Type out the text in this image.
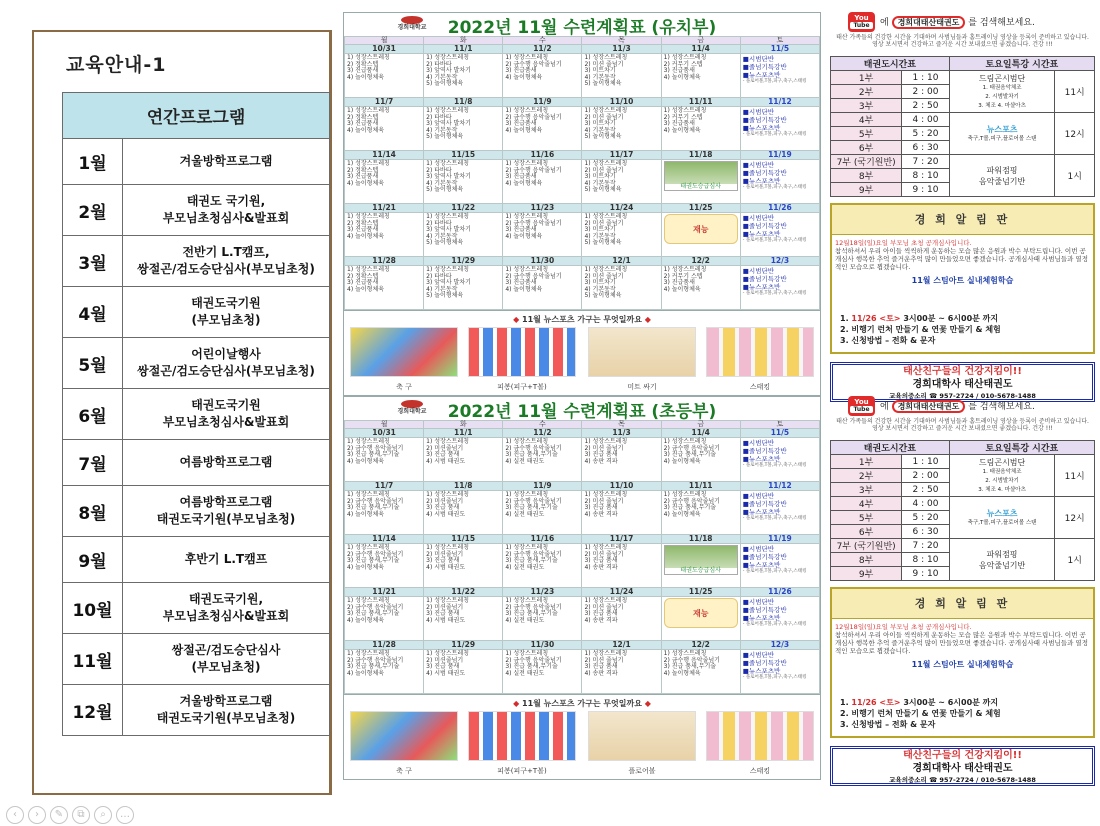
교육안내-1
연간프로그램	
1월	겨울방학프로그램

2월	태권도 국기원,
부모님초청심사&발표회

3월	전반기 L.T캠프,
쌍절곤/검도승단심사(부모님초청)

4월	태권도국기원
(부모님초청)

5월	어린이날행사
쌍절곤/검도승단심사(부모님초청)

6월	태권도국기원
부모님초청심사&발표회

7월	여름방학프로그램

8월	여름방학프로그램
태권도국기원(부모님초청)

9월	후반기 L.T캠프

10월	태권도국기원,
부모님초청심사&발표회

11월	쌍절곤/검도승단심사
(부모님초청)

12월	겨울방학프로그램
태권도국기원(부모님초청)
경희대학교 2022년 11월 수련계획표 (유치부)
월	화	수	목	금	토
10/31	11/1	11/2	11/3	11/4	11/5
1) 성장스트레칭
2) 정확스텝
3) 진급품새
4) 놀이형체육	1) 성장스트레칭
2) 타바타
3) 앞역사 발차기
4) 기본동작
5) 놀이형체육	1) 성장스트레칭
2) 금수행 음악줄넘기
3) 진급품새
4) 놀이형체육	1) 성장스트레칭
2) 미션 줄넘기
3) 미트차기
4) 기본동작
5) 놀이형체육	1) 성장스트레칭
2) 커무기 스텝
3) 진급품새
4) 놀이형체육	■시범단반
■줄넘기특강반
■뉴스포츠반
- 플로어볼,T볼,피구,축구,스태킹

11/7	11/8	11/9	11/10	11/11	11/12
1) 성장스트레칭
2) 정확스텝
3) 진급품새
4) 놀이형체육	1) 성장스트레칭
2) 타바타
3) 앞역사 발차기
4) 기본동작
5) 놀이형체육	1) 성장스트레칭
2) 금수행 음악줄넘기
3) 진급품새
4) 놀이형체육	1) 성장스트레칭
2) 미션 줄넘기
3) 미트차기
4) 기본동작
5) 놀이형체육	1) 성장스트레칭
2) 커무기 스텝
3) 진급품새
4) 놀이형체육	■시범단반
■줄넘기특강반
■뉴스포츠반
- 플로어볼,T볼,피구,축구,스태킹

11/14	11/15	11/16	11/17	11/18	11/19
1) 성장스트레칭
2) 정확스텝
3) 진급품새
4) 놀이형체육	1) 성장스트레칭
2) 타바타
3) 앞역사 발차기
4) 기본동작
5) 놀이형체육	1) 성장스트레칭
2) 금수행 음악줄넘기
3) 진급품새
4) 놀이형체육	1) 성장스트레칭
2) 미션 줄넘기
3) 미트차기
4) 기본동작
5) 놀이형체육	태권도승급심사	■시범단반
■줄넘기특강반
■뉴스포츠반
- 플로어볼,T볼,피구,축구,스태킹

11/21	11/22	11/23	11/24	11/25	11/26
1) 성장스트레칭
2) 정확스텝
3) 진급품새
4) 놀이형체육	1) 성장스트레칭
2) 타바타
3) 앞역사 발차기
4) 기본동작
5) 놀이형체육	1) 성장스트레칭
2) 금수행 음악줄넘기
3) 진급품새
4) 놀이형체육	1) 성장스트레칭
2) 미션 줄넘기
3) 미트차기
4) 기본동작
5) 놀이형체육	재능	■시범단반
■줄넘기특강반
■뉴스포츠반
- 플로어볼,T볼,피구,축구,스태킹

11/28	11/29	11/30	12/1	12/2	12/3
1) 성장스트레칭
2) 정확스텝
3) 진급품새
4) 놀이형체육	1) 성장스트레칭
2) 타바타
3) 앞역사 발차기
4) 기본동작
5) 놀이형체육	1) 성장스트레칭
2) 금수행 음악줄넘기
3) 진급품새
4) 놀이형체육	1) 성장스트레칭
2) 미션 줄넘기
3) 미트차기
4) 기본동작
5) 놀이형체육	1) 성장스트레칭
2) 커무기 스텝
3) 진급품새
4) 놀이형체육	■시범단반
■줄넘기특강반
■뉴스포츠반
- 플로어볼,T볼,피구,축구,스태킹
◆ 11월 뉴스포츠 가구는 무엇일까요 ◆
축 구	피봉(피구+T볼)	미트 싸기	스태킹
경희대학교 2022년 11월 수련계획표 (초등부)
월	화	수	목	금	토
10/31	11/1	11/2	11/3	11/4	11/5
1) 성장스트레칭
2) 금수행 음악줄넘기
3) 진급 품새,무기술
4) 놀이형체육	1) 성장스트레칭
2) 미션줄넘기
3) 진급 품새
4) 시범 태권도	1) 성장스트레칭
2) 금수행 음악줄넘기
3) 진급 품새,무기술
4) 실전 태권도	1) 성장스트레칭
2) 미션 줄넘기
3) 진급 품새
4) 송판 격파	1) 성장스트레칭
2) 금수행 음악줄넘기
3) 진급 품새,무기술
4) 놀이형체육	■시범단반
■줄넘기특강반
■뉴스포츠반
- 플로어볼,T볼,피구,축구,스태킹

11/7	11/8	11/9	11/10	11/11	11/12
1) 성장스트레칭
2) 금수행 음악줄넘기
3) 진급 품새,무기술
4) 놀이형체육	1) 성장스트레칭
2) 미션줄넘기
3) 진급 품새
4) 시범 태권도	1) 성장스트레칭
2) 금수행 음악줄넘기
3) 진급 품새,무기술
4) 실전 태권도	1) 성장스트레칭
2) 미션 줄넘기
3) 진급 품새
4) 송판 격파	1) 성장스트레칭
2) 금수행 음악줄넘기
3) 진급 품새,무기술
4) 놀이형체육	■시범단반
■줄넘기특강반
■뉴스포츠반
- 플로어볼,T볼,피구,축구,스태킹

11/14	11/15	11/16	11/17	11/18	11/19
1) 성장스트레칭
2) 금수행 음악줄넘기
3) 진급 품새,무기술
4) 놀이형체육	1) 성장스트레칭
2) 미션줄넘기
3) 진급 품새
4) 시범 태권도	1) 성장스트레칭
2) 금수행 음악줄넘기
3) 진급 품새,무기술
4) 실전 태권도	1) 성장스트레칭
2) 미션 줄넘기
3) 진급 품새
4) 송판 격파	태권도승급심사	■시범단반
■줄넘기특강반
■뉴스포츠반
- 플로어볼,T볼,피구,축구,스태킹

11/21	11/22	11/23	11/24	11/25	11/26
1) 성장스트레칭
2) 금수행 음악줄넘기
3) 진급 품새,무기술
4) 놀이형체육	1) 성장스트레칭
2) 미션줄넘기
3) 진급 품새
4) 시범 태권도	1) 성장스트레칭
2) 금수행 음악줄넘기
3) 진급 품새,무기술
4) 실전 태권도	1) 성장스트레칭
2) 미션 줄넘기
3) 진급 품새
4) 송판 격파	재능	■시범단반
■줄넘기특강반
■뉴스포츠반
- 플로어볼,T볼,피구,축구,스태킹

11/28	11/29	11/30	12/1	12/2	12/3
1) 성장스트레칭
2) 금수행 음악줄넘기
3) 진급 품새,무기술
4) 놀이형체육	1) 성장스트레칭
2) 미션줄넘기
3) 진급 품새
4) 시범 태권도	1) 성장스트레칭
2) 금수행 음악줄넘기
3) 진급 품새,무기술
4) 실전 태권도	1) 성장스트레칭
2) 미션 줄넘기
3) 진급 품새
4) 송판 격파	1) 성장스트레칭
2) 금수행 음악줄넘기
3) 진급 품새,무기술
4) 놀이형체육	■시범단반
■줄넘기특강반
■뉴스포츠반
- 플로어볼,T볼,피구,축구,스태킹
◆ 11월 뉴스포츠 가구는 무엇일까요 ◆
축 구	피봉(피구+T볼)	플로어볼	스태킹
You
Tube	에 경희대태산태권도 를 검색해보세요.
태산 가족들의 건강한 시간을 기대하며 사범님들과 홈트레이닝 영상을 등록이 준비하고 있습니다. 영상 보시면서 건강하고 즐거운 시간 보내셨으면 좋겠습니다. 건강 !!!
태권도시간표		토요일특강 시간표	
1부	1 : 10	드림곤시범단
1. 태권음악체조
2. 시범발차기
3. 체조 4. 마샬아츠	11시
2부	2 : 00		
3부	2 : 50		
4부	4 : 00	뉴스포츠
축구,T볼,피구,플로어볼 스탠	12시
5부	5 : 20		
6부	6 : 30		
7부 (국기원반)	7 : 20	파워점핑
음악줄넘기반	1시
8부	8 : 10		
9부	9 : 10		
경 희 알 림 판
12월18일(일)요일 부모님 초청 공개심사입니다.
참석하셔서 우리 아이들 씩씩하게 운동하는 모습 많은 응원과 박수 부탁드립니다. 이번 공개심사 행복한 추억 즐거운추억 많이 만들었으면 좋겠습니다. 공개심사때 사범님들과 열정적인 모습으로 뵙겠습니다.
11월 스팀아트 실내체험학습
1. 11/26 <토> 3시00분 ~ 6시00분 까지
2. 비행기 런처 만들기 & 연꽃 만들기 & 체험
3. 신청방법 – 전화 & 문자
태산친구들의 건강지킴이!!
경희대학사 태산태권도
교육의중소리 ☎ 957-2724 / 010-5678-1488
You
Tube	에 경희대태산태권도 를 검색해보세요.
태산 가족들의 건강한 시간을 기대하며 사범님들과 홈트레이닝 영상을 등록이 준비하고 있습니다. 영상 보시면서 건강하고 즐거운 시간 보내셨으면 좋겠습니다. 건강 !!!
태권도시간표		토요일특강 시간표	
1부	1 : 10	드림곤시범단
1. 태권음악체조
2. 시범발차기
3. 체조 4. 마샬아츠	11시
2부	2 : 00		
3부	2 : 50		
4부	4 : 00	뉴스포츠
축구,T볼,피구,플로어볼 스탠	12시
5부	5 : 20		
6부	6 : 30		
7부 (국기원반)	7 : 20	파워점핑
음악줄넘기반	1시
8부	8 : 10		
9부	9 : 10		
경 희 알 림 판
12월18일(일)요일 부모님 초청 공개심사입니다.
참석하셔서 우리 아이들 씩씩하게 운동하는 모습 많은 응원과 박수 부탁드립니다. 이번 공개심사 행복한 추억 즐거운추억 많이 만들었으면 좋겠습니다. 공개심사때 사범님들과 열정적인 모습으로 뵙겠습니다.
11월 스팀아트 실내체험학습
1. 11/26 <토> 3시00분 ~ 6시00분 까지
2. 비행기 런처 만들기 & 연꽃 만들기 & 체험
3. 신청방법 – 전화 & 문자
태산친구들의 건강지킴이!!
경희대학사 태산태권도
교육의중소리 ☎ 957-2724 / 010-5678-1488
‹ › ✎ ⧉ ⌕ …
